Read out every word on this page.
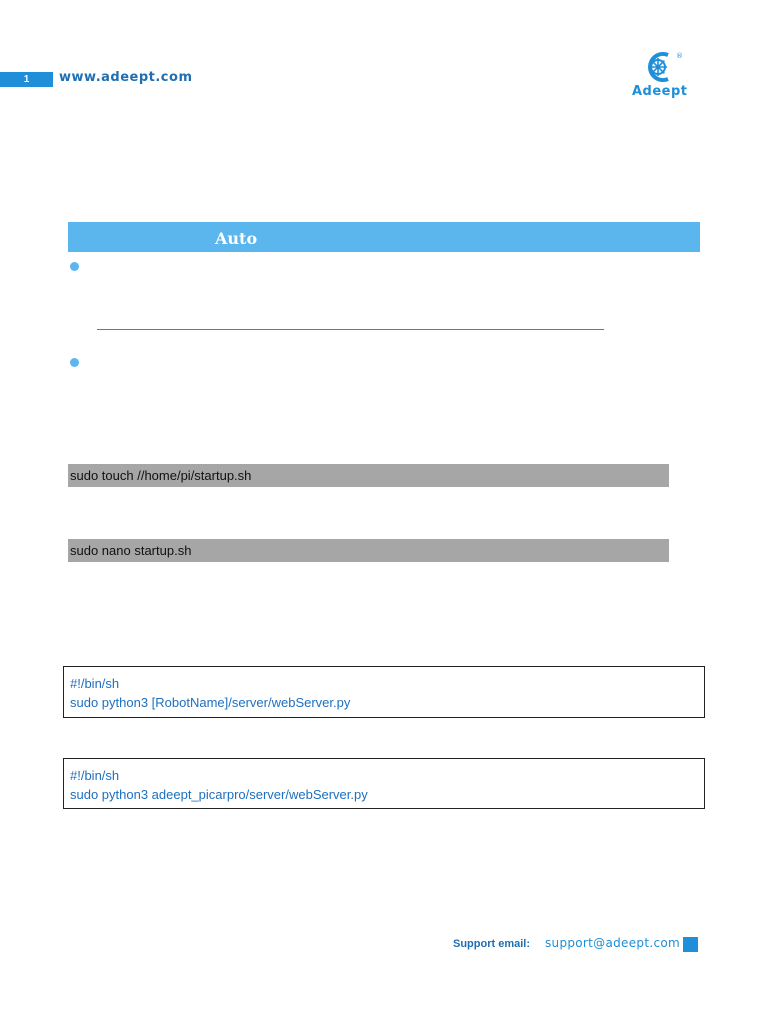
1	www.adeept.com
®
Adeept
Auto
sudo touch //home/pi/startup.sh
sudo nano startup.sh
#!/bin/sh
sudo python3 [RobotName]/server/webServer.py
#!/bin/sh
sudo python3 adeept_picarpro/server/webServer.py
Support email: support@adeept.com
